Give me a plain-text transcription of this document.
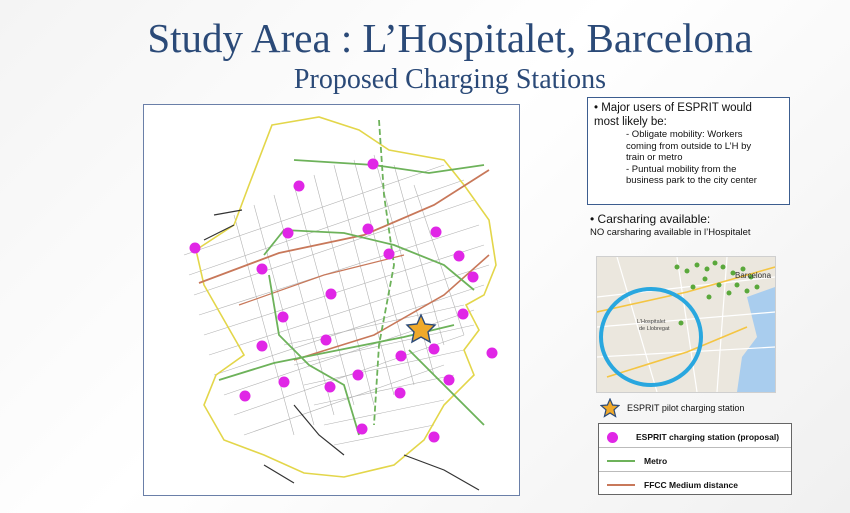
Study Area : L’Hospitalet, Barcelona
Proposed Charging Stations
• Major users of ESPRIT would
most likely be:
- Obligate mobility: Workers
coming from outside to L’H by
train or metro
- Puntual mobility from the
business park to the city center
• Carsharing available:
NO carsharing available in l’Hospitalet
Barcelona
L’Hospitalet
de Llobregat
ESPRIT pilot charging station
ESPRIT charging station (proposal)
Metro
FFCC Medium distance
